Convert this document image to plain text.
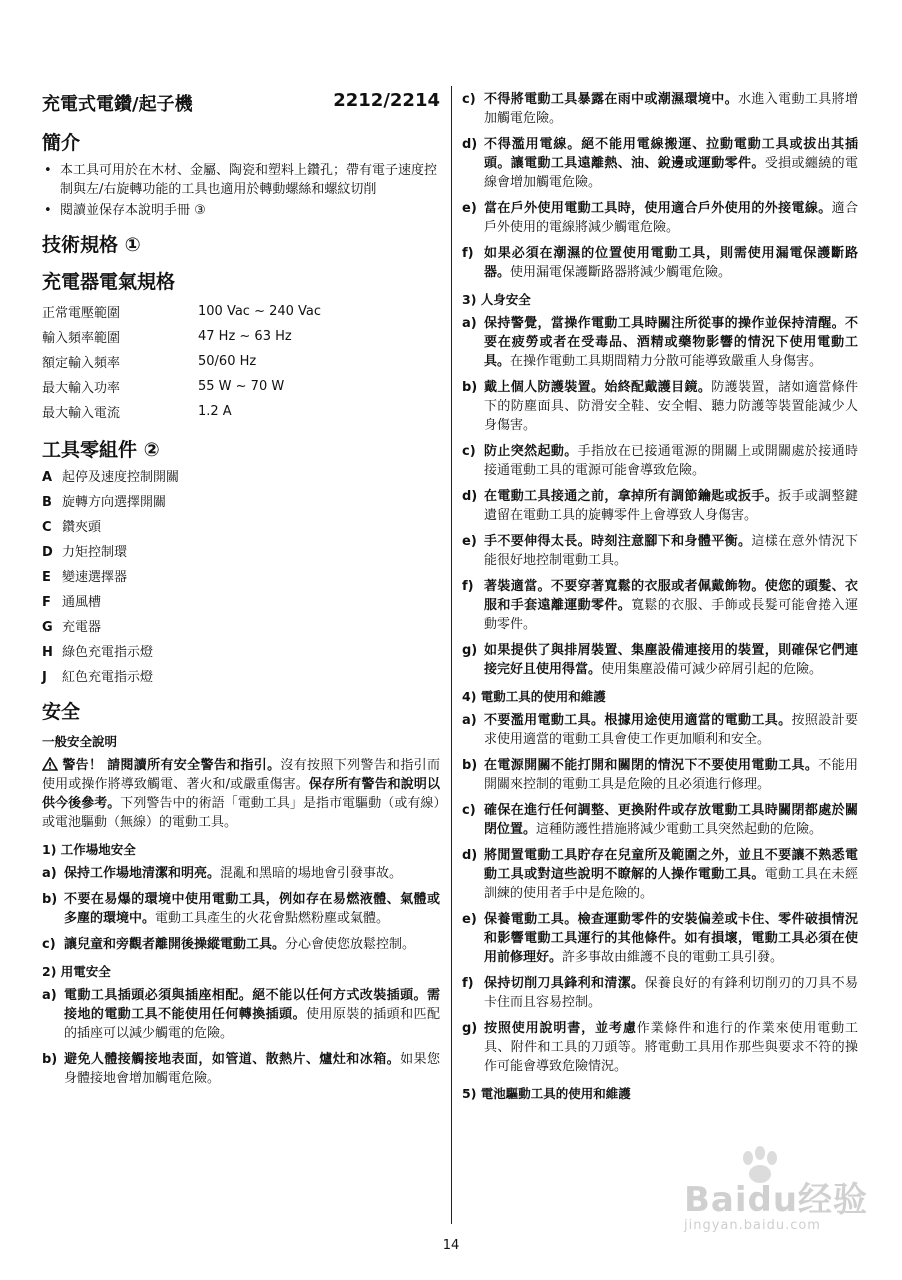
充電式電鑽/起子機	2212/2214
簡介
• 本工具可用於在木材、金屬、陶瓷和塑料上鑽孔；帶有電子速度控制與左/右旋轉功能的工具也適用於轉動螺絲和螺紋切削
• 閱讀並保存本說明手冊 ③
技術規格 ①
充電器電氣規格
正常電壓範圍	100 Vac ~ 240 Vac
輸入頻率範圍	47 Hz ~ 63 Hz
額定輸入頻率	50/60 Hz
最大輸入功率	55 W ~ 70 W
最大輸入電流	1.2 A
工具零組件 ②
A 起停及速度控制開關
B 旋轉方向選擇開關
C 鑽夾頭
D 力矩控制環
E 變速選擇器
F 通風槽
G 充電器
H 綠色充電指示燈
J	紅色充電指示燈
安全
一般安全說明

警告！ 請閱讀所有安全警告和指引。沒有按照下列警告和指引而使用或操作將導致觸電、著火和/或嚴重傷害。保存所有警告和說明以供今後參考。下列警告中的術語「電動工具」是指市電驅動（或有線）或電池驅動（無線）的電動工具。

1) 工作場地安全
a) 保持工作場地清潔和明亮。混亂和黑暗的場地會引發事故。
b) 不要在易爆的環境中使用電動工具，例如存在易燃液體、氣體或多塵的環境中。電動工具產生的火花會點燃粉塵或氣體。
c) 讓兒童和旁觀者離開後操縱電動工具。分心會使您放鬆控制。
2) 用電安全
a) 電動工具插頭必須與插座相配。絕不能以任何方式改裝插頭。需接地的電動工具不能使用任何轉換插頭。使用原裝的插頭和匹配的插座可以減少觸電的危險。
b) 避免人體接觸接地表面，如管道、散熱片、爐灶和冰箱。如果您身體接地會增加觸電危險。
c) 不得將電動工具暴露在雨中或潮濕環境中。水進入電動工具將增加觸電危險。
d) 不得濫用電線。絕不能用電線搬運、拉動電動工具或拔出其插頭。讓電動工具遠離熱、油、銳邊或運動零件。受損或纏繞的電線會增加觸電危險。
e) 當在戶外使用電動工具時，使用適合戶外使用的外接電線。適合戶外使用的電線將減少觸電危險。
f) 如果必須在潮濕的位置使用電動工具，則需使用漏電保護斷路器。使用漏電保護斷路器將減少觸電危險。
3) 人身安全
a) 保持警覺，當操作電動工具時關注所從事的操作並保持清醒。不要在疲勞或者在受毒品、酒精或藥物影響的情況下使用電動工具。在操作電動工具期間精力分散可能導致嚴重人身傷害。
b) 戴上個人防護裝置。始終配戴護目鏡。防護裝置，諸如適當條件下的防塵面具、防滑安全鞋、安全帽、聽力防護等裝置能減少人身傷害。
c) 防止突然起動。手指放在已接通電源的開關上或開關處於接通時接通電動工具的電源可能會導致危險。
d) 在電動工具接通之前，拿掉所有調節鑰匙或扳手。扳手或調整鍵遺留在電動工具的旋轉零件上會導致人身傷害。
e) 手不要伸得太長。時刻注意腳下和身體平衡。這樣在意外情況下能很好地控制電動工具。
f) 著裝適當。不要穿著寬鬆的衣服或者佩戴飾物。使您的頭髮、衣服和手套遠離運動零件。寬鬆的衣服、手飾或長髮可能會捲入運動零件。
g) 如果提供了與排屑裝置、集塵設備連接用的裝置，則確保它們連接完好且使用得當。使用集塵設備可減少碎屑引起的危險。
4) 電動工具的使用和維護
a) 不要濫用電動工具。根據用途使用適當的電動工具。按照設計要求使用適當的電動工具會使工作更加順利和安全。
b) 在電源開關不能打開和關閉的情況下不要使用電動工具。不能用開關來控制的電動工具是危險的且必須進行修理。
c) 確保在進行任何調整、更換附件或存放電動工具時關閉都處於關閉位置。這種防護性措施將減少電動工具突然起動的危險。
d) 將閒置電動工具貯存在兒童所及範圍之外，並且不要讓不熟悉電動工具或對這些說明不瞭解的人操作電動工具。電動工具在未經訓練的使用者手中是危險的。
e) 保養電動工具。檢查運動零件的安裝偏差或卡住、零件破損情況和影響電動工具運行的其他條件。如有損壞，電動工具必須在使用前修理好。許多事故由維護不良的電動工具引發。
f) 保持切削刀具鋒利和清潔。保養良好的有鋒利切削刃的刀具不易卡住而且容易控制。
g) 按照使用說明書，並考慮作業條件和進行的作業來使用電動工具、附件和工具的刀頭等。將電動工具用作那些與要求不符的操作可能會導致危險情況。
5) 電池驅動工具的使用和維護
14
Baidu经验
jingyan.baidu.com
